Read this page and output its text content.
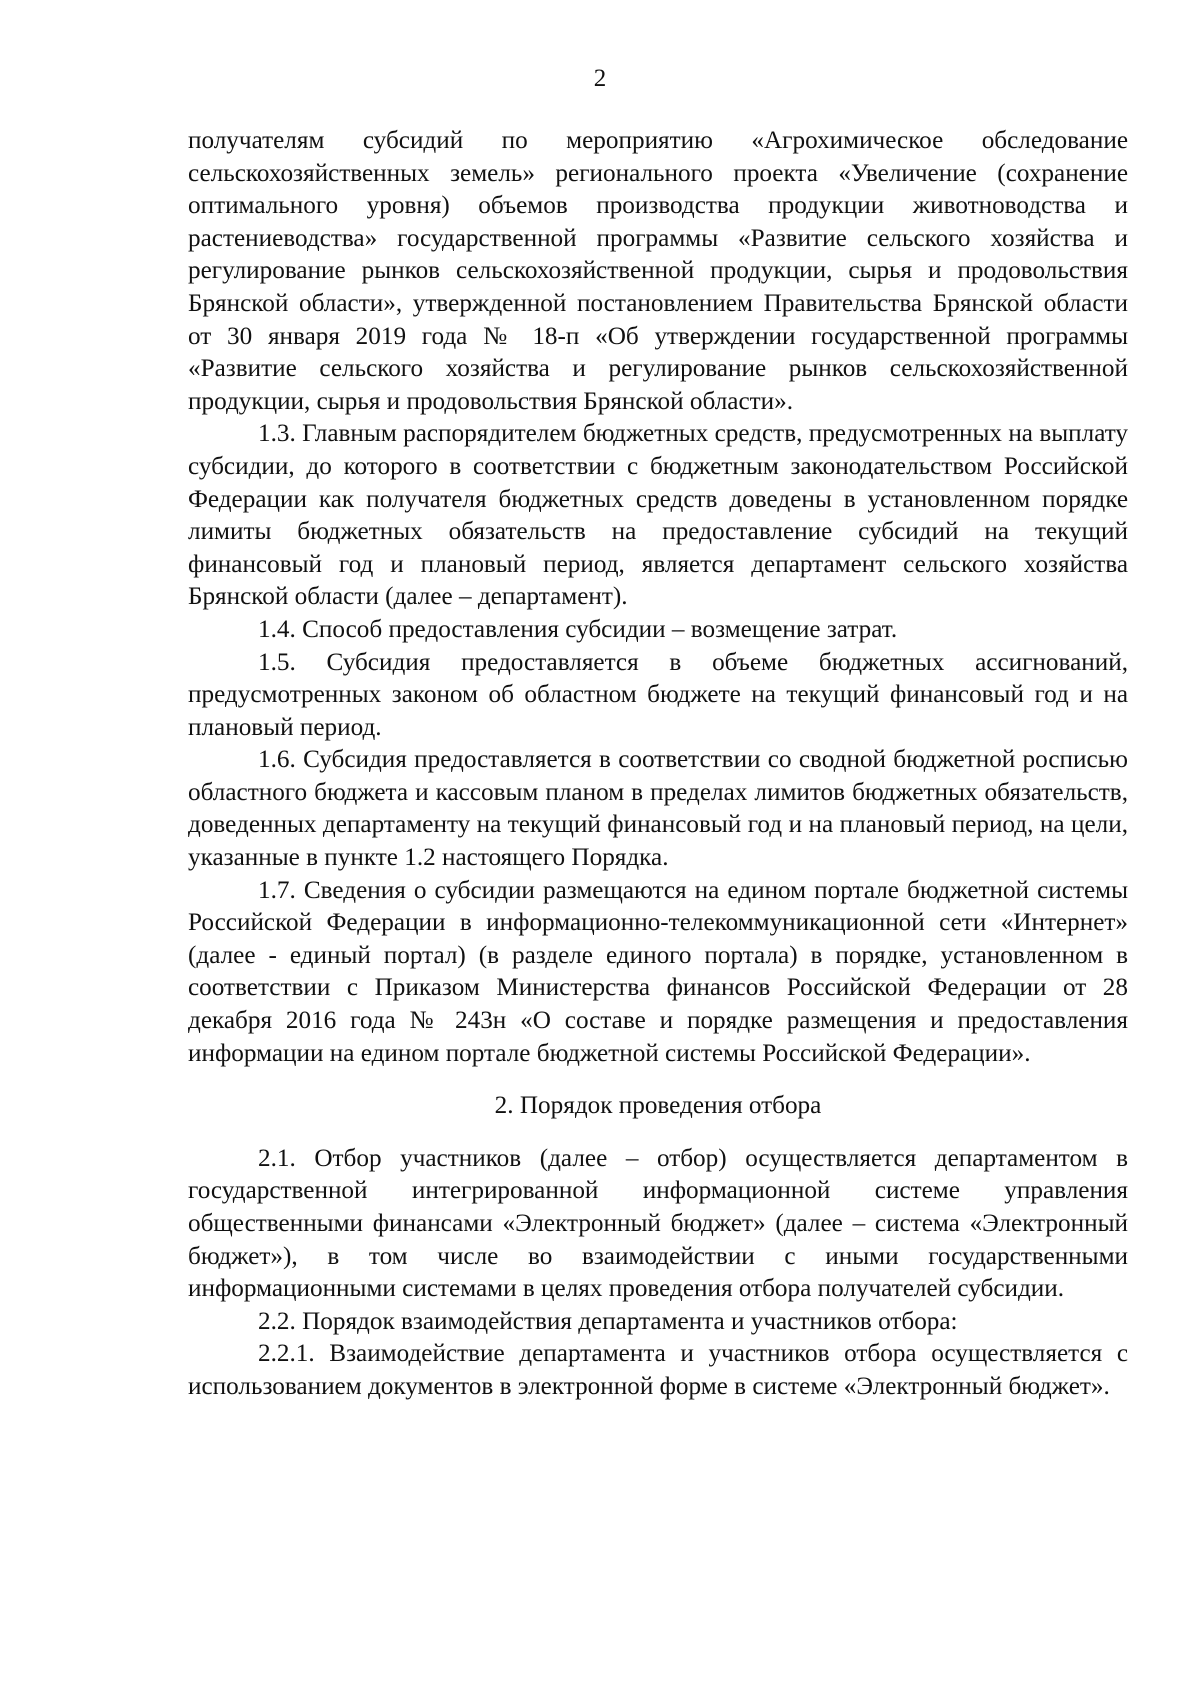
2

получателям субсидий по мероприятию «Агрохимическое обследование сельскохозяйственных земель» регионального проекта «Увеличение (сохранение оптимального уровня) объемов производства продукции животноводства и растениеводства» государственной программы «Развитие сельского хозяйства и регулирование рынков сельскохозяйственной продукции, сырья и продовольствия Брянской области», утвержденной постановлением Правительства Брянской области от 30 января 2019 года № 18-п «Об утверждении государственной программы «Развитие сельского хозяйства и регулирование рынков сельскохозяйственной продукции, сырья и продовольствия Брянской области».

1.3. Главным распорядителем бюджетных средств, предусмотренных на выплату субсидии, до которого в соответствии с бюджетным законодательством Российской Федерации как получателя бюджетных средств доведены в установленном порядке лимиты бюджетных обязательств на предоставление субсидий на текущий финансовый год и плановый период, является департамент сельского хозяйства Брянской области (далее – департамент).

1.4. Способ предоставления субсидии – возмещение затрат.

1.5. Субсидия предоставляется в объеме бюджетных ассигнований, предусмотренных законом об областном бюджете на текущий финансовый год и на плановый период.

1.6. Субсидия предоставляется в соответствии со сводной бюджетной росписью областного бюджета и кассовым планом в пределах лимитов бюджетных обязательств, доведенных департаменту на текущий финансовый год и на плановый период, на цели, указанные в пункте 1.2 настоящего Порядка.

1.7. Сведения о субсидии размещаются на едином портале бюджетной системы Российской Федерации в информационно-телекоммуникационной сети «Интернет» (далее - единый портал) (в разделе единого портала) в порядке, установленном в соответствии с Приказом Министерства финансов Российской Федерации от 28 декабря 2016 года № 243н «О составе и порядке размещения и предоставления информации на едином портале бюджетной системы Российской Федерации».

2. Порядок проведения отбора

2.1. Отбор участников (далее – отбор) осуществляется департаментом в государственной интегрированной информационной системе управления общественными финансами «Электронный бюджет» (далее – система «Электронный бюджет»), в том числе во взаимодействии с иными государственными информационными системами в целях проведения отбора получателей субсидии.

2.2. Порядок взаимодействия департамента и участников отбора:

2.2.1. Взаимодействие департамента и участников отбора осуществляется с использованием документов в электронной форме в системе «Электронный бюджет».
